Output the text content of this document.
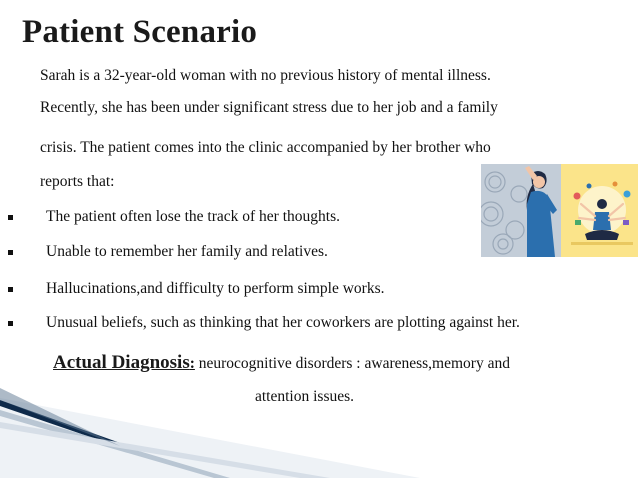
Patient Scenario
Sarah is a 32-year-old woman with no previous history of mental illness.
Recently, she has been under significant stress due to her job and a family
crisis. The patient comes into the clinic accompanied by her brother who
reports that:
The patient often lose the track of her thoughts.
Unable to remember her family and relatives.
Hallucinations,and difficulty to perform simple works.
Unusual beliefs, such as thinking that her coworkers are plotting against her.
Actual Diagnosis: neurocognitive disorders : awareness,memory and
attention issues.
